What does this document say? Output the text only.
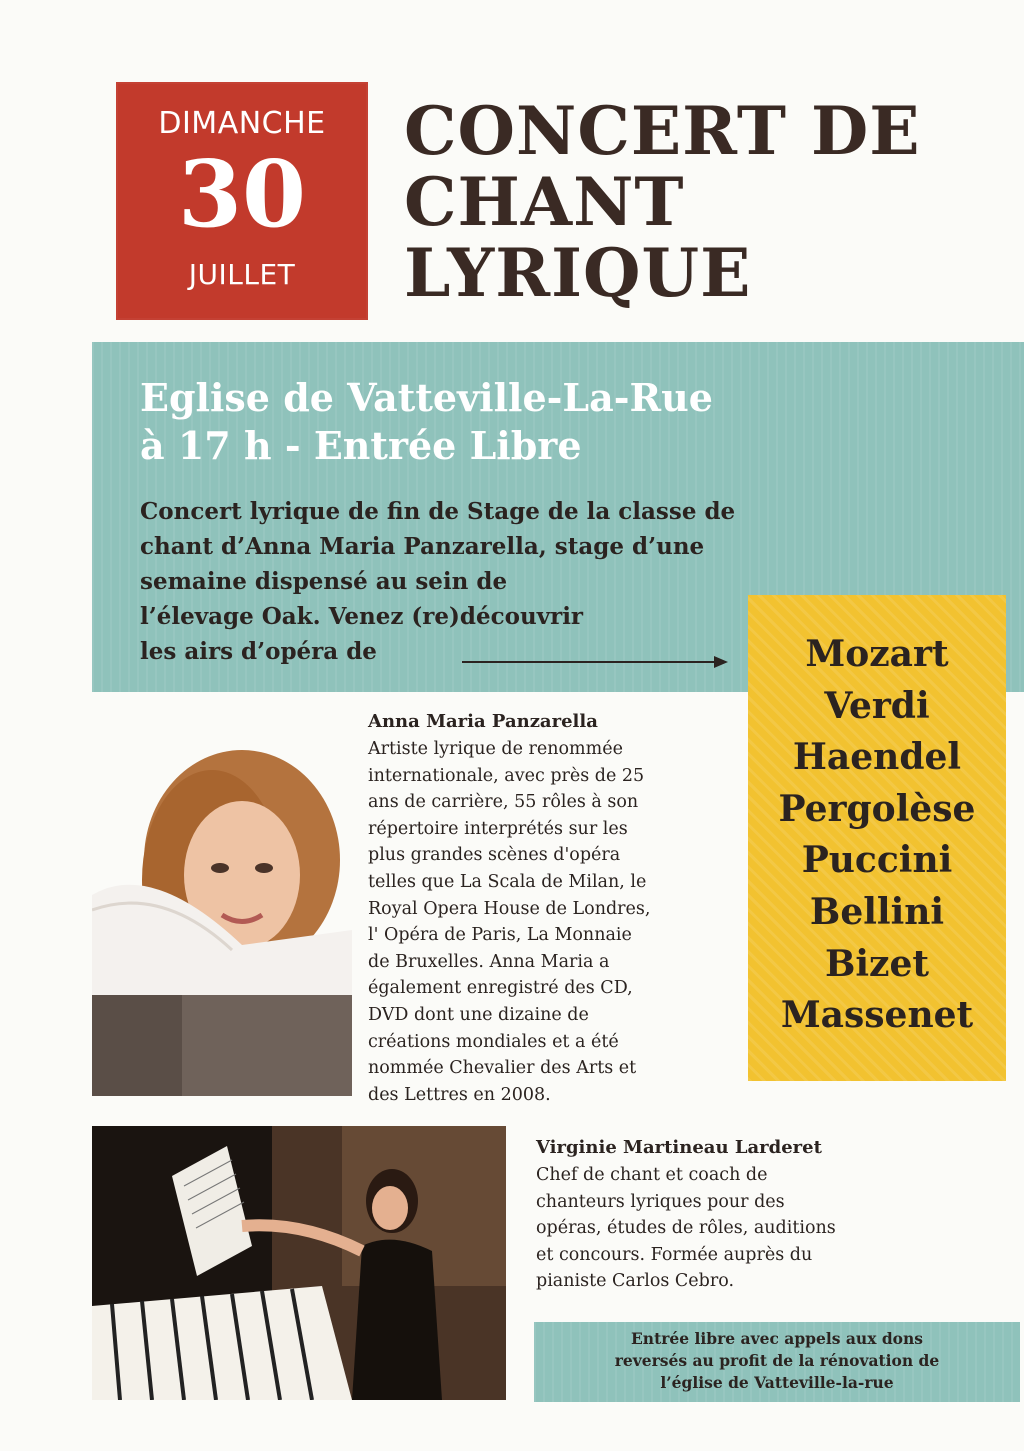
DIMANCHE
30
JUILLET
CONCERT DE
CHANT
LYRIQUE
Eglise de Vatteville-La-Rue
à 17 h - Entrée Libre
Concert lyrique de fin de Stage de la classe de
chant d’Anna Maria Panzarella, stage d’une
semaine dispensé au sein de
l’élevage Oak. Venez (re)découvrir
les airs d’opéra de	Mozart
Verdi
Haendel
Pergolèse
Puccini
Bellini
Bizet
Massenet
Anna Maria Panzarella
Artiste lyrique de renommée
internationale, avec près de 25
ans de carrière, 55 rôles à son
répertoire interprétés sur les
plus grandes scènes d'opéra
telles que La Scala de Milan, le
Royal Opera House de Londres,
l' Opéra de Paris, La Monnaie
de Bruxelles. Anna Maria a
également enregistré des CD,
DVD dont une dizaine de
créations mondiales et a été
nommée Chevalier des Arts et
des Lettres en 2008.
Virginie Martineau Larderet
Chef de chant et coach de
chanteurs lyriques pour des
opéras, études de rôles, auditions
et concours. Formée auprès du
pianiste Carlos Cebro.
Entrée libre avec appels aux dons
reversés au profit de la rénovation de
l’église de Vatteville-la-rue
